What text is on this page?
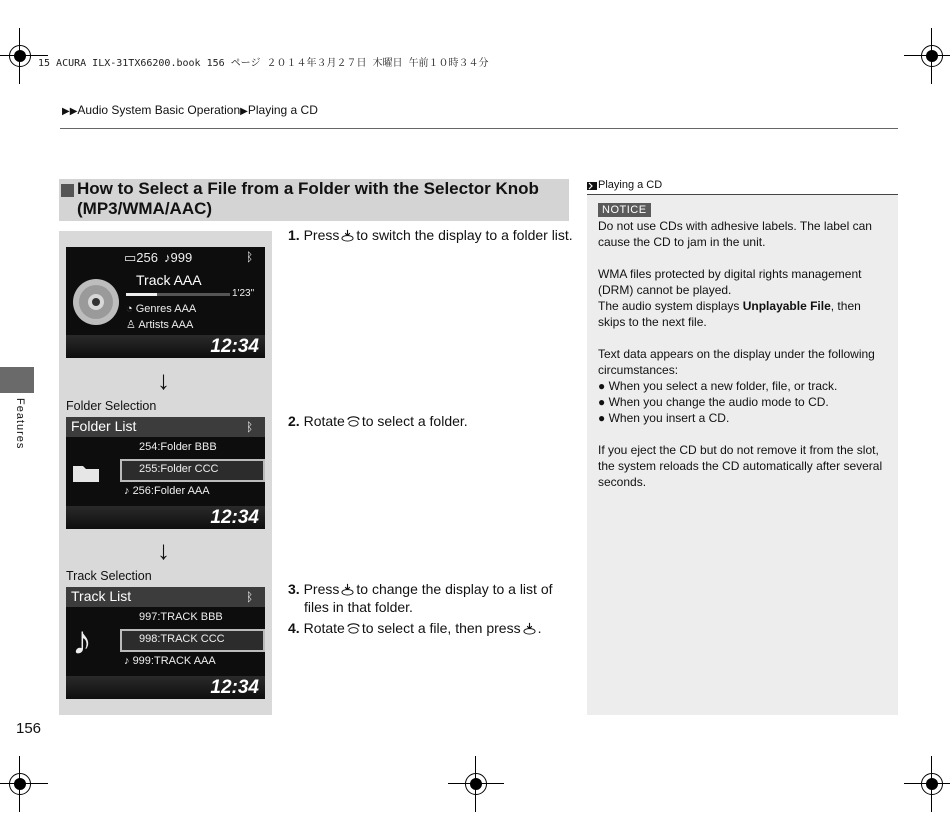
15 ACURA ILX-31TX66200.book 156 ページ ２０１４年３月２７日 木曜日 午前１０時３４分
▶▶Audio System Basic Operation▶Playing a CD
How to Select a File from a Folder with the Selector Knob
(MP3/WMA/AAC)
▭256 ♪999	ᛒ
Track AAA
1'23"
◔ Genres AAA
♙ Artists AAA
12:34
↓
Folder Selection
Folder List	ᛒ
254:Folder BBB
255:Folder CCC
♪ 256:Folder AAA
12:34
↓
Track Selection
Track List	ᛒ
♪
997:TRACK BBB
998:TRACK CCC
♪ 999:TRACK AAA
12:34
1. Press to switch the display to a folder list.
2. Rotate to select a folder.
3. Press to change the display to a list of
files in that folder.
4. Rotate to select a file, then press .
Features
156
Playing a CD
NOTICE
Do not use CDs with adhesive labels. The label can
cause the CD to jam in the unit.
WMA files protected by digital rights management
(DRM) cannot be played.
The audio system displays Unplayable File, then
skips to the next file.
Text data appears on the display under the following
circumstances:
● When you select a new folder, file, or track.
● When you change the audio mode to CD.
● When you insert a CD.
If you eject the CD but do not remove it from the slot,
the system reloads the CD automatically after several
seconds.
